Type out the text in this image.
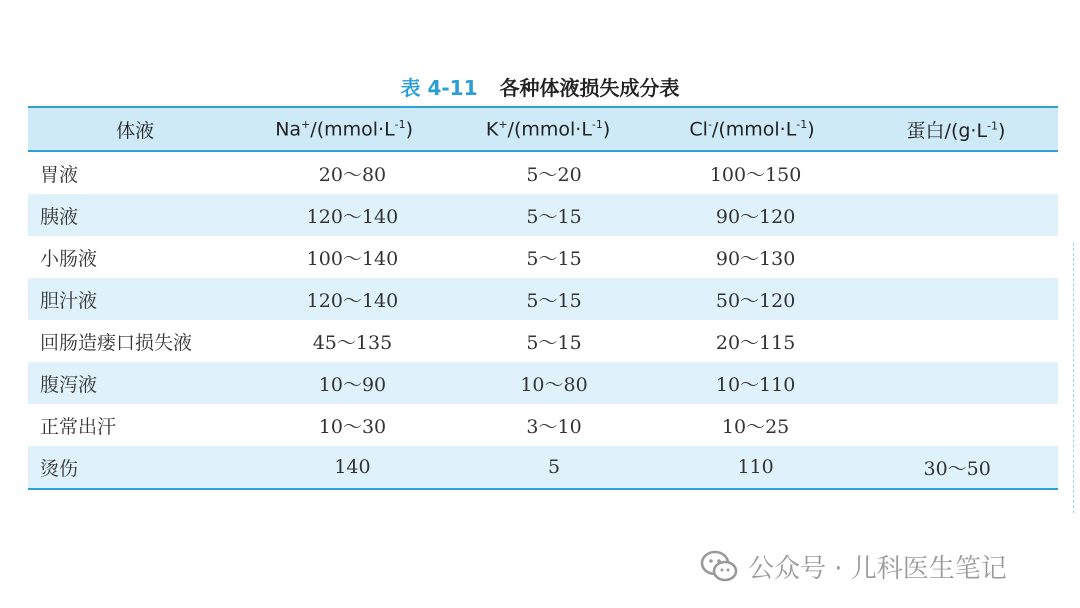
表 4-11 各种体液损失成分表
体液	$Na^+/(mmol\cdot L^{-1})$	$K^+/(mmol\cdot L^{-1})$	$Cl^-/(mmol\cdot L^{-1})$	蛋白$/(g\cdot L^{-1})$
胃液	20～80	5～20	100～150
胰液	120～140	5～15	90～120
小肠液	100～140	5～15	90～130
胆汁液	120～140	5～15	50～120
回肠造瘘口损失液	45～135	5～15	20～115
腹泻液	10～90	10～80	10～110
正常出汗	10～30	3～10	10～25
烫伤	140	5	110	30～50
公众号 · 儿科医生笔记
